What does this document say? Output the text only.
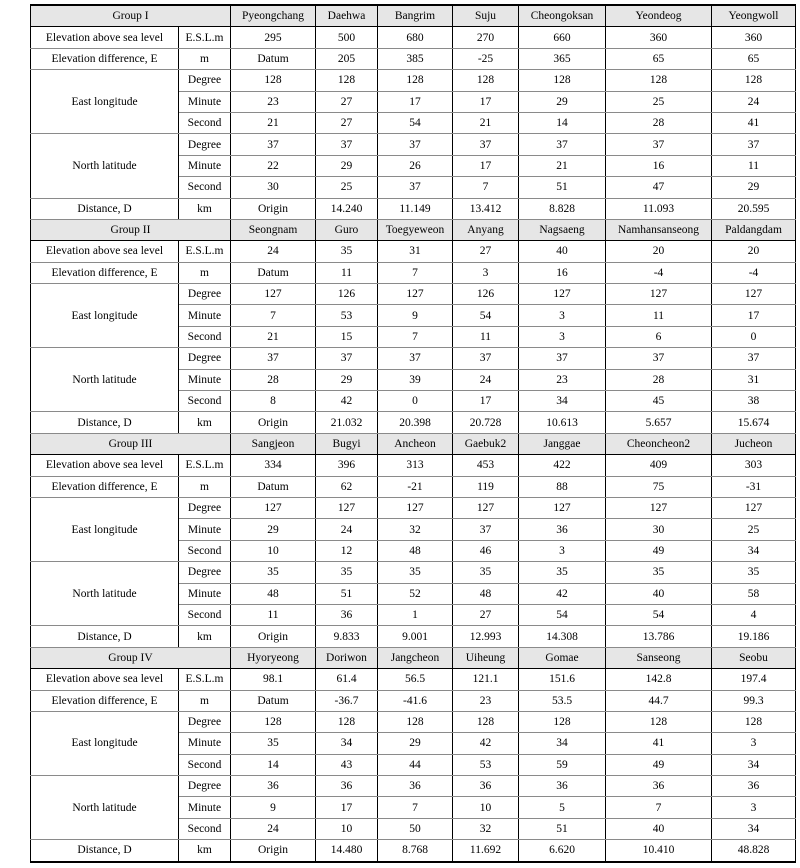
Group I		Pyeongchang	Daehwa	Bangrim	Suju	Cheongoksan	Yeondeog	Yeongwoll
Elevation above sea level	E.S.L.m	295	500	680	270	660	360	360
Elevation difference, E	m	Datum	205	385	-25	365	65	65
East longitude	Degree	128	128	128	128	128	128	128
	Minute	23	27	17	17	29	25	24
	Second	21	27	54	21	14	28	41
North latitude	Degree	37	37	37	37	37	37	37
	Minute	22	29	26	17	21	16	11
	Second	30	25	37	7	51	47	29
Distance, D	km	Origin	14.240	11.149	13.412	8.828	11.093	20.595
Group II		Seongnam	Guro	Toegyeweon	Anyang	Nagsaeng	Namhansanseong	Paldangdam
Elevation above sea level	E.S.L.m	24	35	31	27	40	20	20
Elevation difference, E	m	Datum	11	7	3	16	-4	-4
East longitude	Degree	127	126	127	126	127	127	127
	Minute	7	53	9	54	3	11	17
	Second	21	15	7	11	3	6	0
North latitude	Degree	37	37	37	37	37	37	37
	Minute	28	29	39	24	23	28	31
	Second	8	42	0	17	34	45	38
Distance, D	km	Origin	21.032	20.398	20.728	10.613	5.657	15.674
Group III		Sangjeon	Bugyi	Ancheon	Gaebuk2	Janggae	Cheoncheon2	Jucheon
Elevation above sea level	E.S.L.m	334	396	313	453	422	409	303
Elevation difference, E	m	Datum	62	-21	119	88	75	-31
East longitude	Degree	127	127	127	127	127	127	127
	Minute	29	24	32	37	36	30	25
	Second	10	12	48	46	3	49	34
North latitude	Degree	35	35	35	35	35	35	35
	Minute	48	51	52	48	42	40	58
	Second	11	36	1	27	54	54	4
Distance, D	km	Origin	9.833	9.001	12.993	14.308	13.786	19.186
Group IV		Hyoryeong	Doriwon	Jangcheon	Uiheung	Gomae	Sanseong	Seobu
Elevation above sea level	E.S.L.m	98.1	61.4	56.5	121.1	151.6	142.8	197.4
Elevation difference, E	m	Datum	-36.7	-41.6	23	53.5	44.7	99.3
East longitude	Degree	128	128	128	128	128	128	128
	Minute	35	34	29	42	34	41	3
	Second	14	43	44	53	59	49	34
North latitude	Degree	36	36	36	36	36	36	36
	Minute	9	17	7	10	5	7	3
	Second	24	10	50	32	51	40	34
Distance, D	km	Origin	14.480	8.768	11.692	6.620	10.410	48.828
